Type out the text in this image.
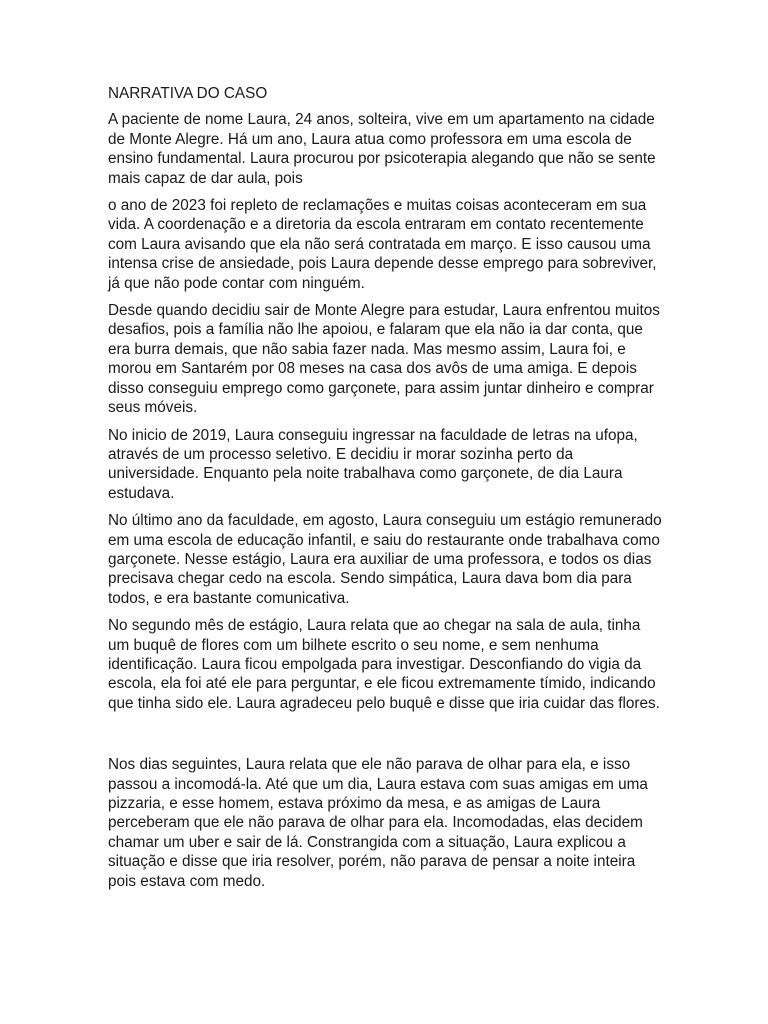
NARRATIVA DO CASO

A paciente de nome Laura, 24 anos, solteira, vive em um apartamento na cidade de Monte Alegre. Há um ano, Laura atua como professora em uma escola de ensino fundamental. Laura procurou por psicoterapia alegando que não se sente mais capaz de dar aula, pois

o ano de 2023 foi repleto de reclamações e muitas coisas aconteceram em sua vida. A coordenação e a diretoria da escola entraram em contato recentemente com Laura avisando que ela não será contratada em março. E isso causou uma intensa crise de ansiedade, pois Laura depende desse emprego para sobreviver, já que não pode contar com ninguém.

Desde quando decidiu sair de Monte Alegre para estudar, Laura enfrentou muitos desafios, pois a família não lhe apoiou, e falaram que ela não ia dar conta, que era burra demais, que não sabia fazer nada. Mas mesmo assim, Laura foi, e morou em Santarém por 08 meses na casa dos avôs de uma amiga. E depois disso conseguiu emprego como garçonete, para assim juntar dinheiro e comprar seus móveis.

No inicio de 2019, Laura conseguiu ingressar na faculdade de letras na ufopa, através de um processo seletivo. E decidiu ir morar sozinha perto da universidade. Enquanto pela noite trabalhava como garçonete, de dia Laura estudava.

No último ano da faculdade, em agosto, Laura conseguiu um estágio remunerado em uma escola de educação infantil, e saiu do restaurante onde trabalhava como garçonete. Nesse estágio, Laura era auxiliar de uma professora, e todos os dias precisava chegar cedo na escola. Sendo simpática, Laura dava bom dia para todos, e era bastante comunicativa.

No segundo mês de estágio, Laura relata que ao chegar na sala de aula, tinha um buquê de flores com um bilhete escrito o seu nome, e sem nenhuma identificação. Laura ficou empolgada para investigar. Desconfiando do vigia da escola, ela foi até ele para perguntar, e ele ficou extremamente tímido, indicando que tinha sido ele. Laura agradeceu pelo buquê e disse que iria cuidar das flores.

Nos dias seguintes, Laura relata que ele não parava de olhar para ela, e isso passou a incomodá-la. Até que um dia, Laura estava com suas amigas em uma pizzaria, e esse homem, estava próximo da mesa, e as amigas de Laura perceberam que ele não parava de olhar para ela. Incomodadas, elas decidem chamar um uber e sair de lá. Constrangida com a situação, Laura explicou a situação e disse que iria resolver, porém, não parava de pensar a noite inteira pois estava com medo.
